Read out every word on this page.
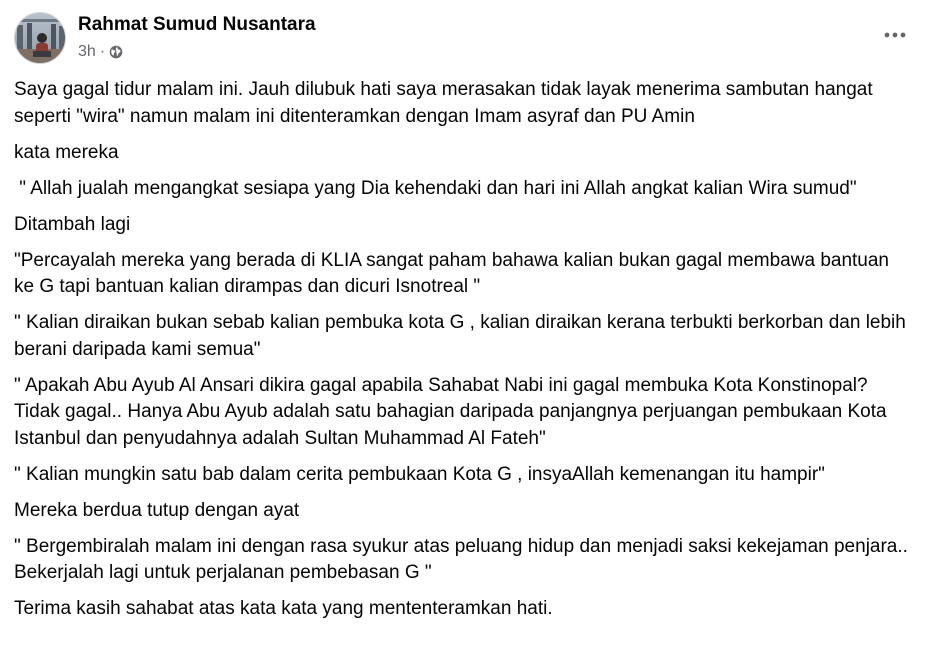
Rahmat Sumud Nusantara
3h ·

Saya gagal tidur malam ini. Jauh dilubuk hati saya merasakan tidak layak menerima sambutan hangat seperti "wira" namun malam ini ditenteramkan dengan Imam asyraf dan PU Amin

kata mereka

" Allah jualah mengangkat sesiapa yang Dia kehendaki dan hari ini Allah angkat kalian Wira sumud"

Ditambah lagi

"Percayalah mereka yang berada di KLIA sangat paham bahawa kalian bukan gagal membawa bantuan ke G tapi bantuan kalian dirampas dan dicuri Isnotreal "

" Kalian diraikan bukan sebab kalian pembuka kota G , kalian diraikan kerana terbukti berkorban dan lebih berani daripada kami semua"

" Apakah Abu Ayub Al Ansari dikira gagal apabila Sahabat Nabi ini gagal membuka Kota Konstinopal? Tidak gagal.. Hanya Abu Ayub adalah satu bahagian daripada panjangnya perjuangan pembukaan Kota Istanbul dan penyudahnya adalah Sultan Muhammad Al Fateh"

" Kalian mungkin satu bab dalam cerita pembukaan Kota G , insyaAllah kemenangan itu hampir"

Mereka berdua tutup dengan ayat

" Bergembiralah malam ini dengan rasa syukur atas peluang hidup dan menjadi saksi kekejaman penjara.. Bekerjalah lagi untuk perjalanan pembebasan G "

Terima kasih sahabat atas kata kata yang mententeramkan hati.
